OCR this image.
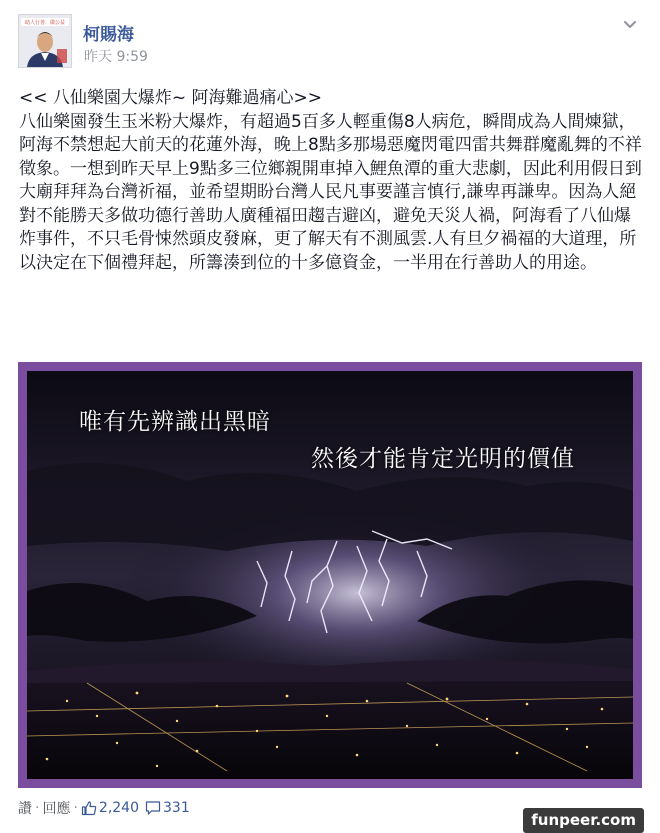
助人行善．做公益
柯賜海
昨天 9:59
<< 八仙樂園大爆炸~ 阿海難過痛心>>

八仙樂園發生玉米粉大爆炸，有超過5百多人輕重傷8人病危，瞬間成為人間煉獄，阿海不禁想起大前天的花蓮外海，晚上8點多那場惡魔閃電四雷共舞群魔亂舞的不祥徵象。一想到昨天早上9點多三位鄉親開車掉入鯉魚潭的重大悲劇，因此利用假日到大廟拜拜為台灣祈福，並希望期盼台灣人民凡事要謹言慎行,謙卑再謙卑。因為人絕對不能勝天多做功德行善助人廣種福田趨吉避凶，避免天災人禍，阿海看了八仙爆炸事件，不只毛骨悚然頭皮發麻，更了解天有不測風雲.人有旦夕禍福的大道理，所以決定在下個禮拜起，所籌湊到位的十多億資金，一半用在行善助人的用途。

唯有先辨識出黑暗
然後才能肯定光明的價值
讚 · 回應 · 2,240 331
funpeer.com
